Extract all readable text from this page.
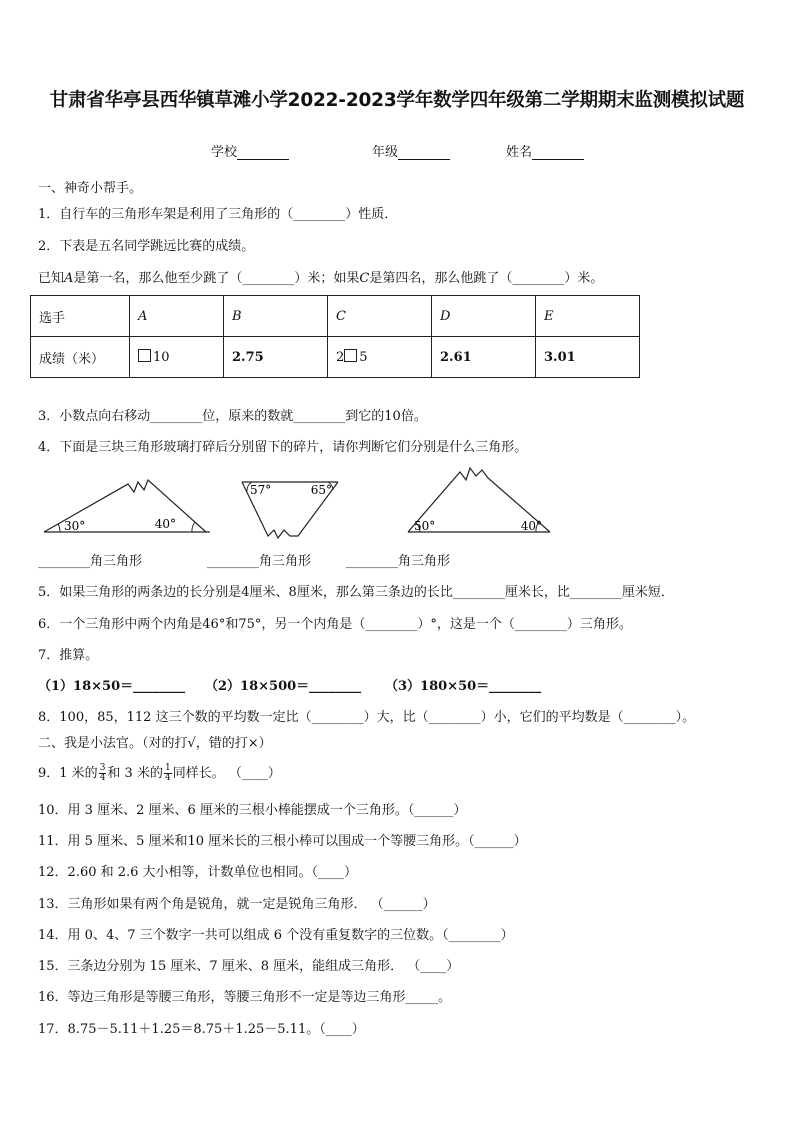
甘肃省华亭县西华镇草滩小学2022-2023学年数学四年级第二学期期末监测模拟试题
学校	年级	姓名
一、神奇小帮手。
1．自行车的三角形车架是利用了三角形的（________）性质．
2．下表是五名同学跳远比赛的成绩。
已知A是第一名，那么他至少跳了（________）米；如果C是第四名，那么他跳了（________）米。
选手	A	B	C	D	E
成绩（米）	10	2.75	2 5	2.61	3.01
3．小数点向右移动________位，原来的数就________到它的10倍。
4．下面是三块三角形玻璃打碎后分别留下的碎片，请你判断它们分别是什么三角形。
30°	40°
57°	65°
50°	40°
________角三角形	________角三角形	________角三角形
5．如果三角形的两条边的长分别是4厘米、8厘米，那么第三条边的长比________厘米长，比________厘米短．
6．一个三角形中两个内角是46°和75°，另一个内角是（________）°，这是一个（________）三角形。
7．推算。
（1）18×50＝________ （2）18×500＝________ （3）180×50＝________
8．100，85，112 这三个数的平均数一定比（________）大，比（________）小，它们的平均数是（________）。
二、我是小法官。（对的打√，错的打×）
9．1 米的 $\frac{3}{4}$ 和 3 米的 $\frac{1}{4}$ 同样长。 （____）
10．用 3 厘米、2 厘米、6 厘米的三根小棒能摆成一个三角形。（______）
11．用 5 厘米、5 厘米和10 厘米长的三根小棒可以围成一个等腰三角形。（______）
12．2.60 和 2.6 大小相等，计数单位也相同。（____）
13．三角形如果有两个角是锐角，就一定是锐角三角形． （______）
14．用 0、4、7 三个数字一共可以组成 6 个没有重复数字的三位数。（________）
15．三条边分别为 15 厘米、7 厘米、8 厘米，能组成三角形． （____）
16．等边三角形是等腰三角形，等腰三角形不一定是等边三角形_____。
17．8.75－5.11＋1.25＝8.75＋1.25－5.11。（____）
